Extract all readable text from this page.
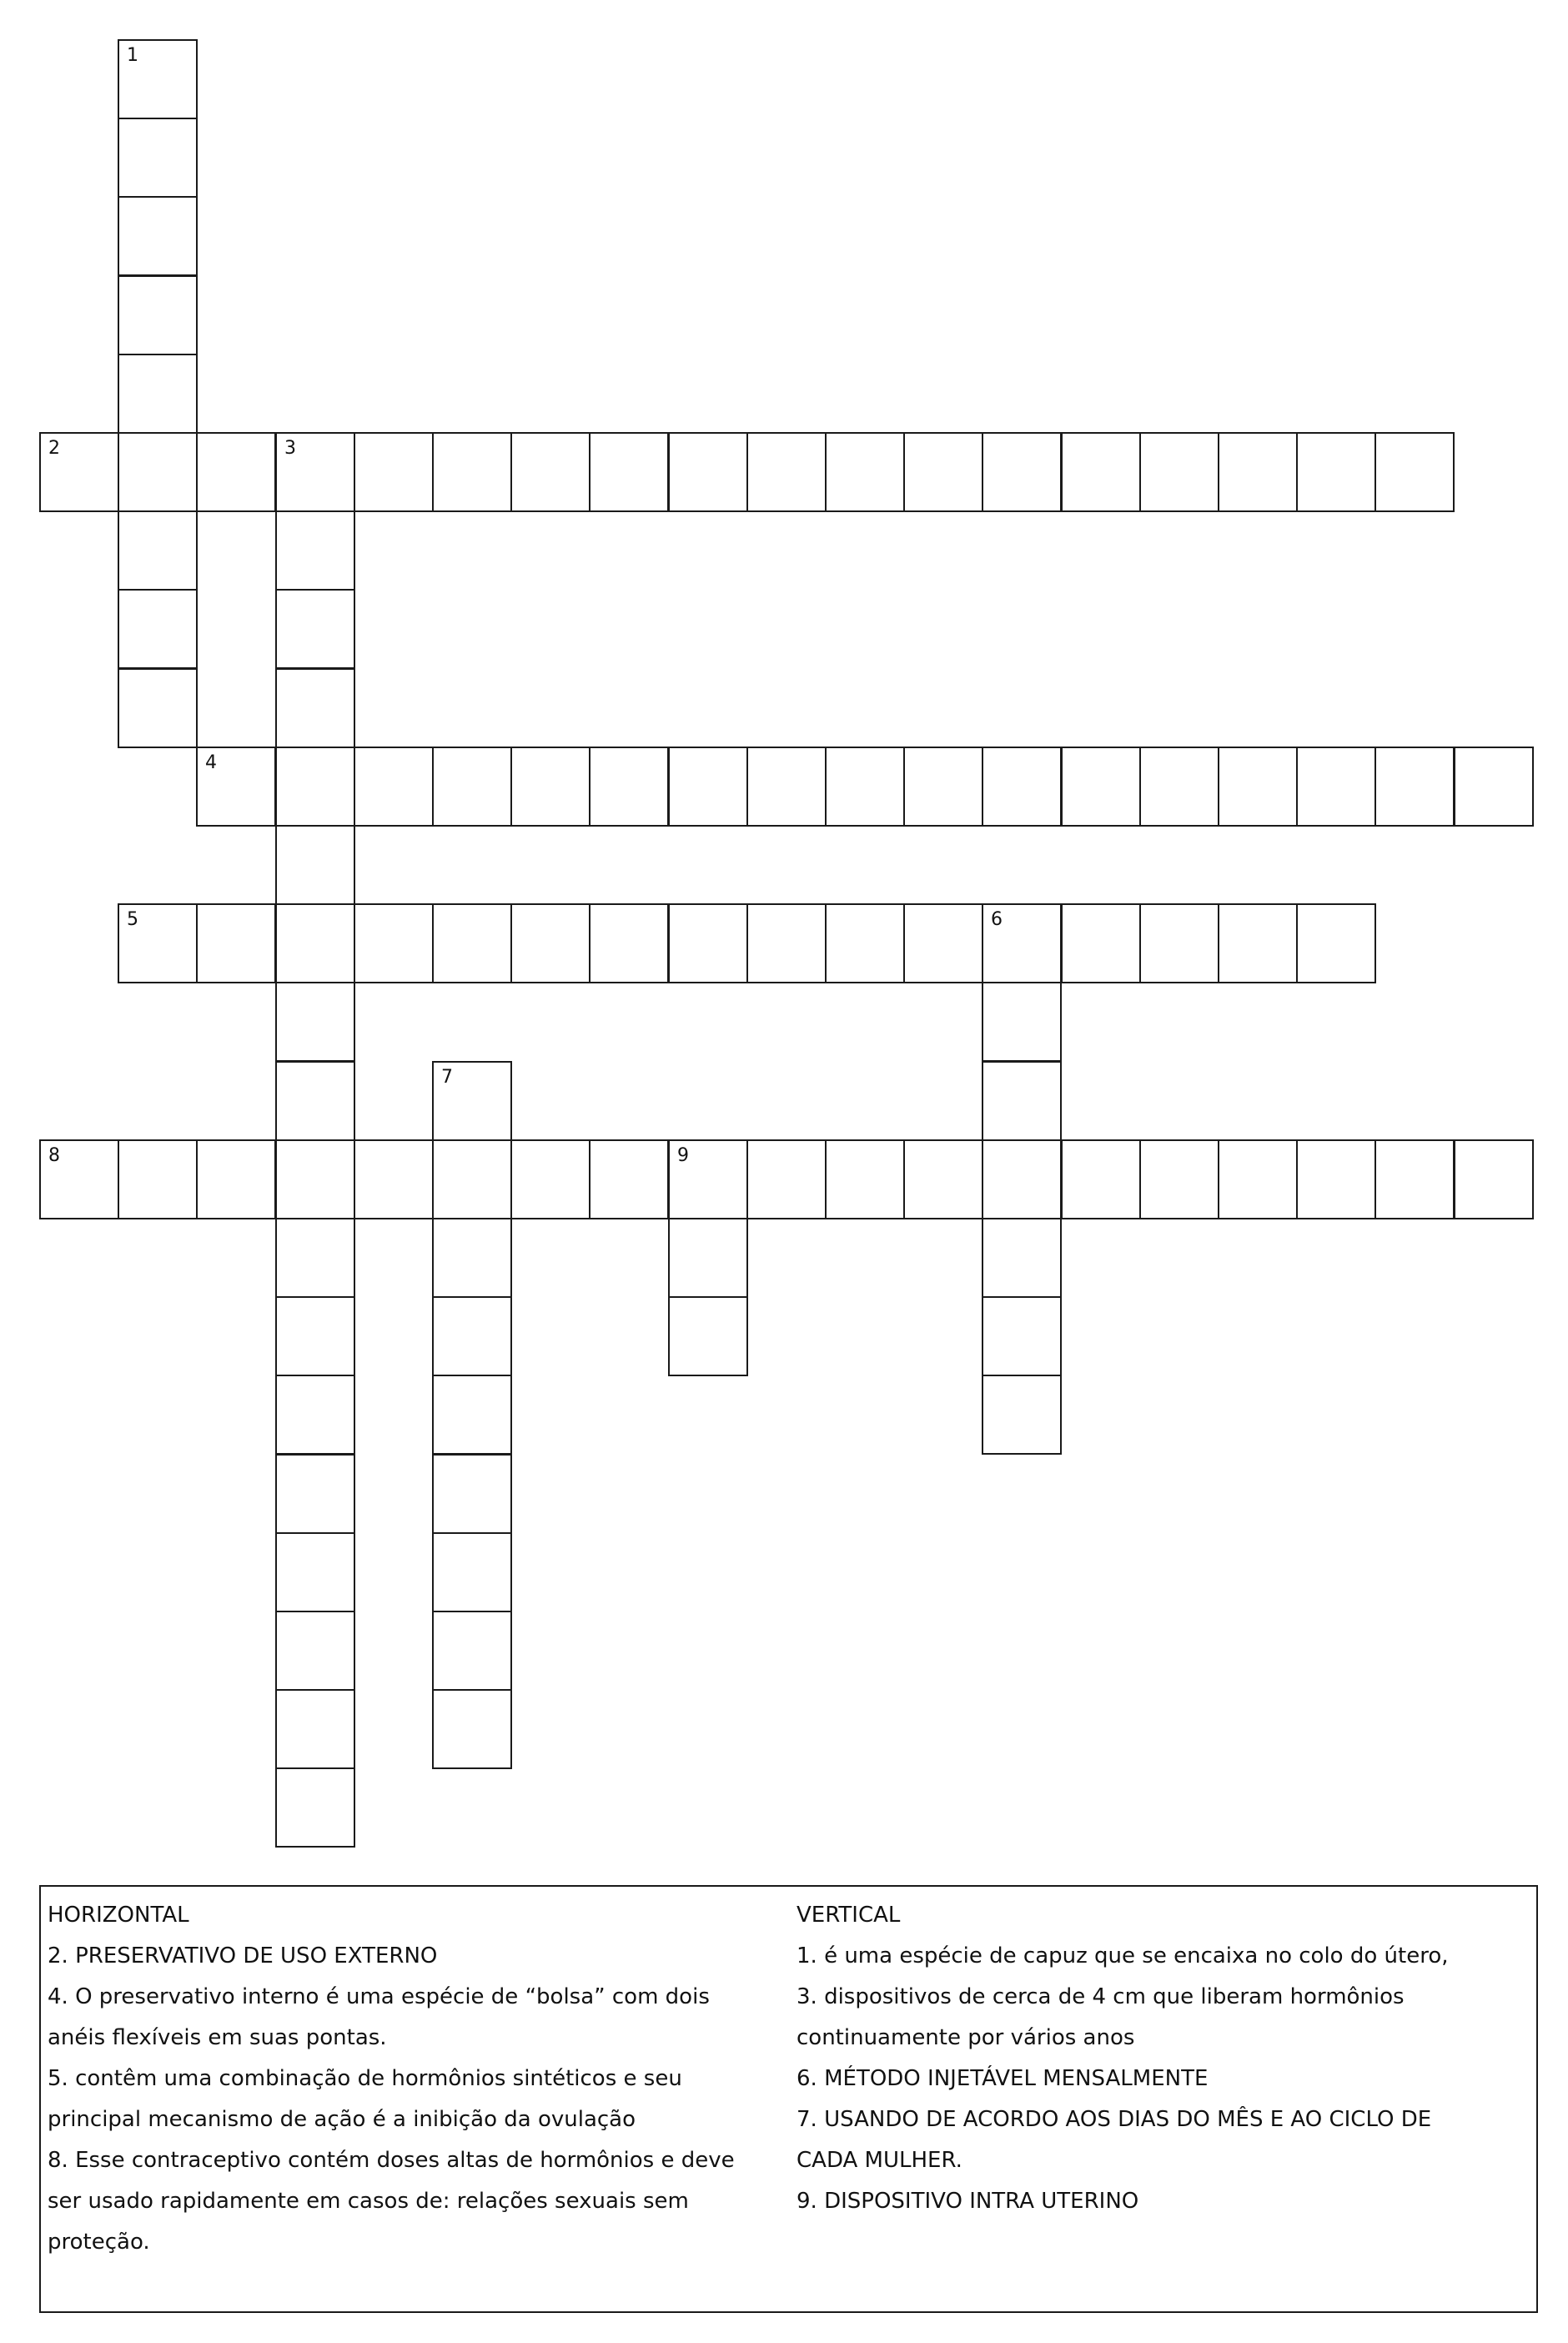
1
2	3
4
5	6
7
8	9
HORIZONTAL
2. PRESERVATIVO DE USO EXTERNO
4. O preservativo interno é uma espécie de “bolsa” com dois
anéis flexíveis em suas pontas.
5. contêm uma combinação de hormônios sintéticos e seu
principal mecanismo de ação é a inibição da ovulação
8. Esse contraceptivo contém doses altas de hormônios e deve
ser usado rapidamente em casos de: relações sexuais sem
proteção.
VERTICAL
1. é uma espécie de capuz que se encaixa no colo do útero,
3. dispositivos de cerca de 4 cm que liberam hormônios
continuamente por vários anos
6. MÉTODO INJETÁVEL MENSALMENTE
7. USANDO DE ACORDO AOS DIAS DO MÊS E AO CICLO DE
CADA MULHER.
9. DISPOSITIVO INTRA UTERINO
